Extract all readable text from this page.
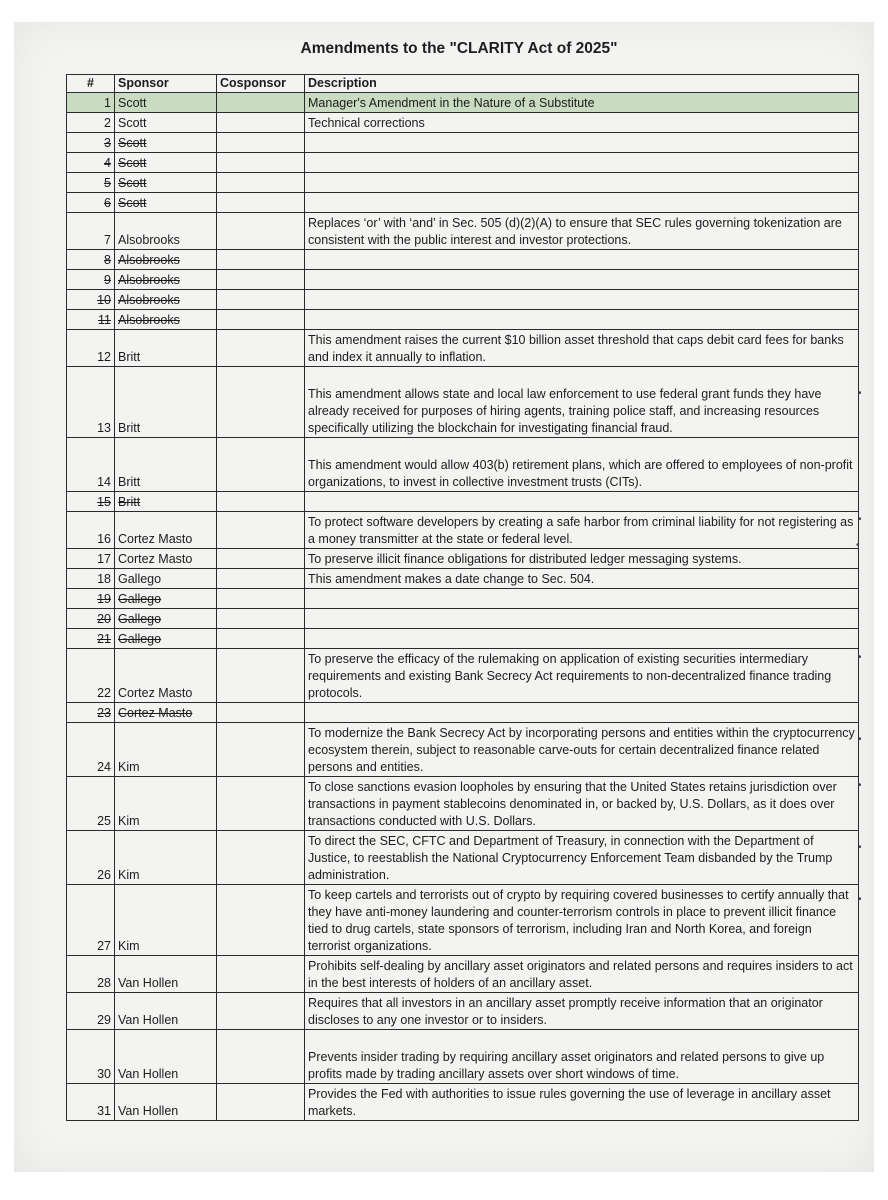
Amendments to the "CLARITY Act of 2025"
#	Sponsor	Cosponsor	Description
1	Scott		Manager's Amendment in the Nature of a Substitute
2	Scott		Technical corrections
3	Scott		
4	Scott		
5	Scott		
6	Scott		
7	Alsobrooks		Replaces ‘or’ with ‘and’ in Sec. 505 (d)(2)(A) to ensure that SEC rules governing tokenization are consistent with the public interest and investor protections.
8	Alsobrooks		
9	Alsobrooks		
10	Alsobrooks		
11	Alsobrooks		
12	Britt		This amendment raises the current $10 billion asset threshold that caps debit card fees for banks and index it annually to inflation.
13	Britt		This amendment allows state and local law enforcement to use federal grant funds they have already received for purposes of hiring agents, training police staff, and increasing resources specifically utilizing the blockchain for investigating financial fraud.
14	Britt		This amendment would allow 403(b) retirement plans, which are offered to employees of non-profit organizations, to invest in collective investment trusts (CITs).
15	Britt		
16	Cortez Masto		To protect software developers by creating a safe harbor from criminal liability for not registering as a money transmitter at the state or federal level.
17	Cortez Masto		To preserve illicit finance obligations for distributed ledger messaging systems.
18	Gallego		This amendment makes a date change to Sec. 504.
19	Gallego		
20	Gallego		
21	Gallego		
22	Cortez Masto		To preserve the efficacy of the rulemaking on application of existing securities intermediary requirements and existing Bank Secrecy Act requirements to non-decentralized finance trading protocols.
23	Cortez Masto		
24	Kim		To modernize the Bank Secrecy Act by incorporating persons and entities within the cryptocurrency ecosystem therein, subject to reasonable carve-outs for certain decentralized finance related persons and entities.
25	Kim		To close sanctions evasion loopholes by ensuring that the United States retains jurisdiction over transactions in payment stablecoins denominated in, or backed by, U.S. Dollars, as it does over transactions conducted with U.S. Dollars.
26	Kim		To direct the SEC, CFTC and Department of Treasury, in connection with the Department of Justice, to reestablish the National Cryptocurrency Enforcement Team disbanded by the Trump administration.
27	Kim		To keep cartels and terrorists out of crypto by requiring covered businesses to certify annually that they have anti-money laundering and counter-terrorism controls in place to prevent illicit finance tied to drug cartels, state sponsors of terrorism, including Iran and North Korea, and foreign terrorist organizations.
28	Van Hollen		Prohibits self-dealing by ancillary asset originators and related persons and requires insiders to act in the best interests of holders of an ancillary asset.
29	Van Hollen		Requires that all investors in an ancillary asset promptly receive information that an originator discloses to any one investor or to insiders.
30	Van Hollen		Prevents insider trading by requiring ancillary asset originators and related persons to give up profits made by trading ancillary assets over short windows of time.
31	Van Hollen		Provides the Fed with authorities to issue rules governing the use of leverage in ancillary asset markets.
•
•
•
•
•
•
•
•
